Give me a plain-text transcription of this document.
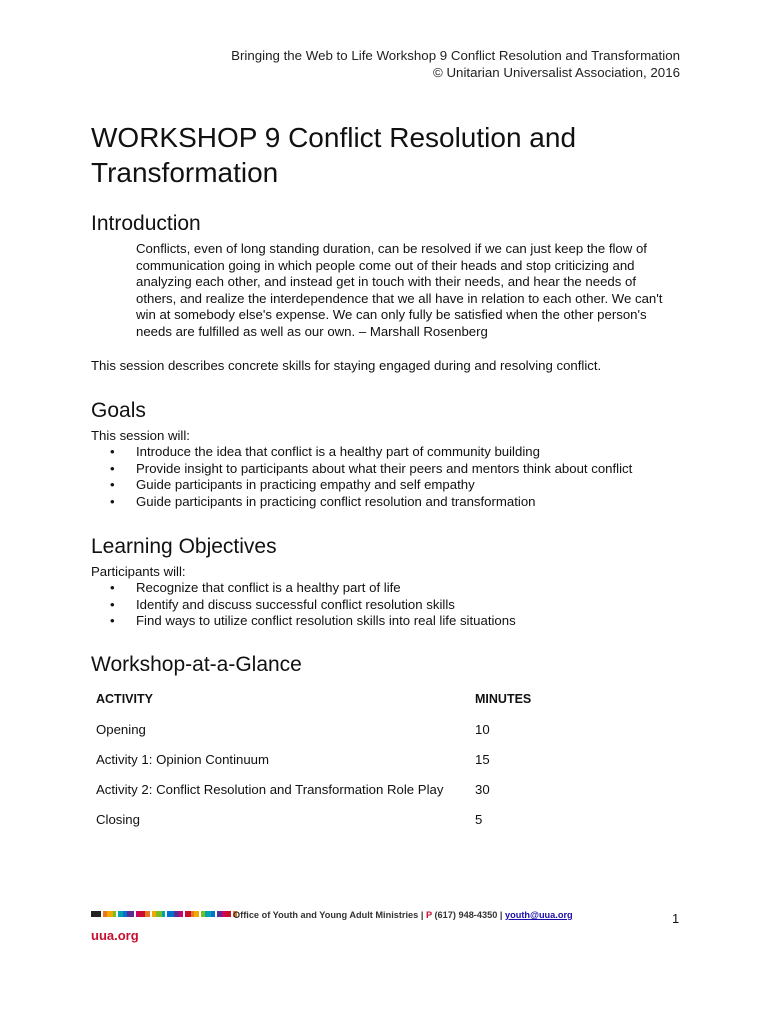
Bringing the Web to Life Workshop 9 Conflict Resolution and Transformation
© Unitarian Universalist Association, 2016
WORKSHOP 9 Conflict Resolution and
Transformation
Introduction
Conflicts, even of long standing duration, can be resolved if we can just keep the flow of communication going in which people come out of their heads and stop criticizing and analyzing each other, and instead get in touch with their needs, and hear the needs of others, and realize the interdependence that we all have in relation to each other. We can't win at somebody else's expense. We can only fully be satisfied when the other person's needs are fulfilled as well as our own. – Marshall Rosenberg
This session describes concrete skills for staying engaged during and resolving conflict.
Goals
This session will:
• Introduce the idea that conflict is a healthy part of community building
• Provide insight to participants about what their peers and mentors think about conflict
• Guide participants in practicing empathy and self empathy
• Guide participants in practicing conflict resolution and transformation
Learning Objectives
Participants will:
• Recognize that conflict is a healthy part of life
• Identify and discuss successful conflict resolution skills
• Find ways to utilize conflict resolution skills into real life situations
Workshop-at-a-Glance
ACTIVITY	MINUTES
Opening	10
Activity 1: Opinion Continuum	15
Activity 2: Conflict Resolution and Transformation Role Play	30
Closing	5
Office of Youth and Young Adult Ministries | P (617) 948-4350 | youth@uua.org	1
uua.org
